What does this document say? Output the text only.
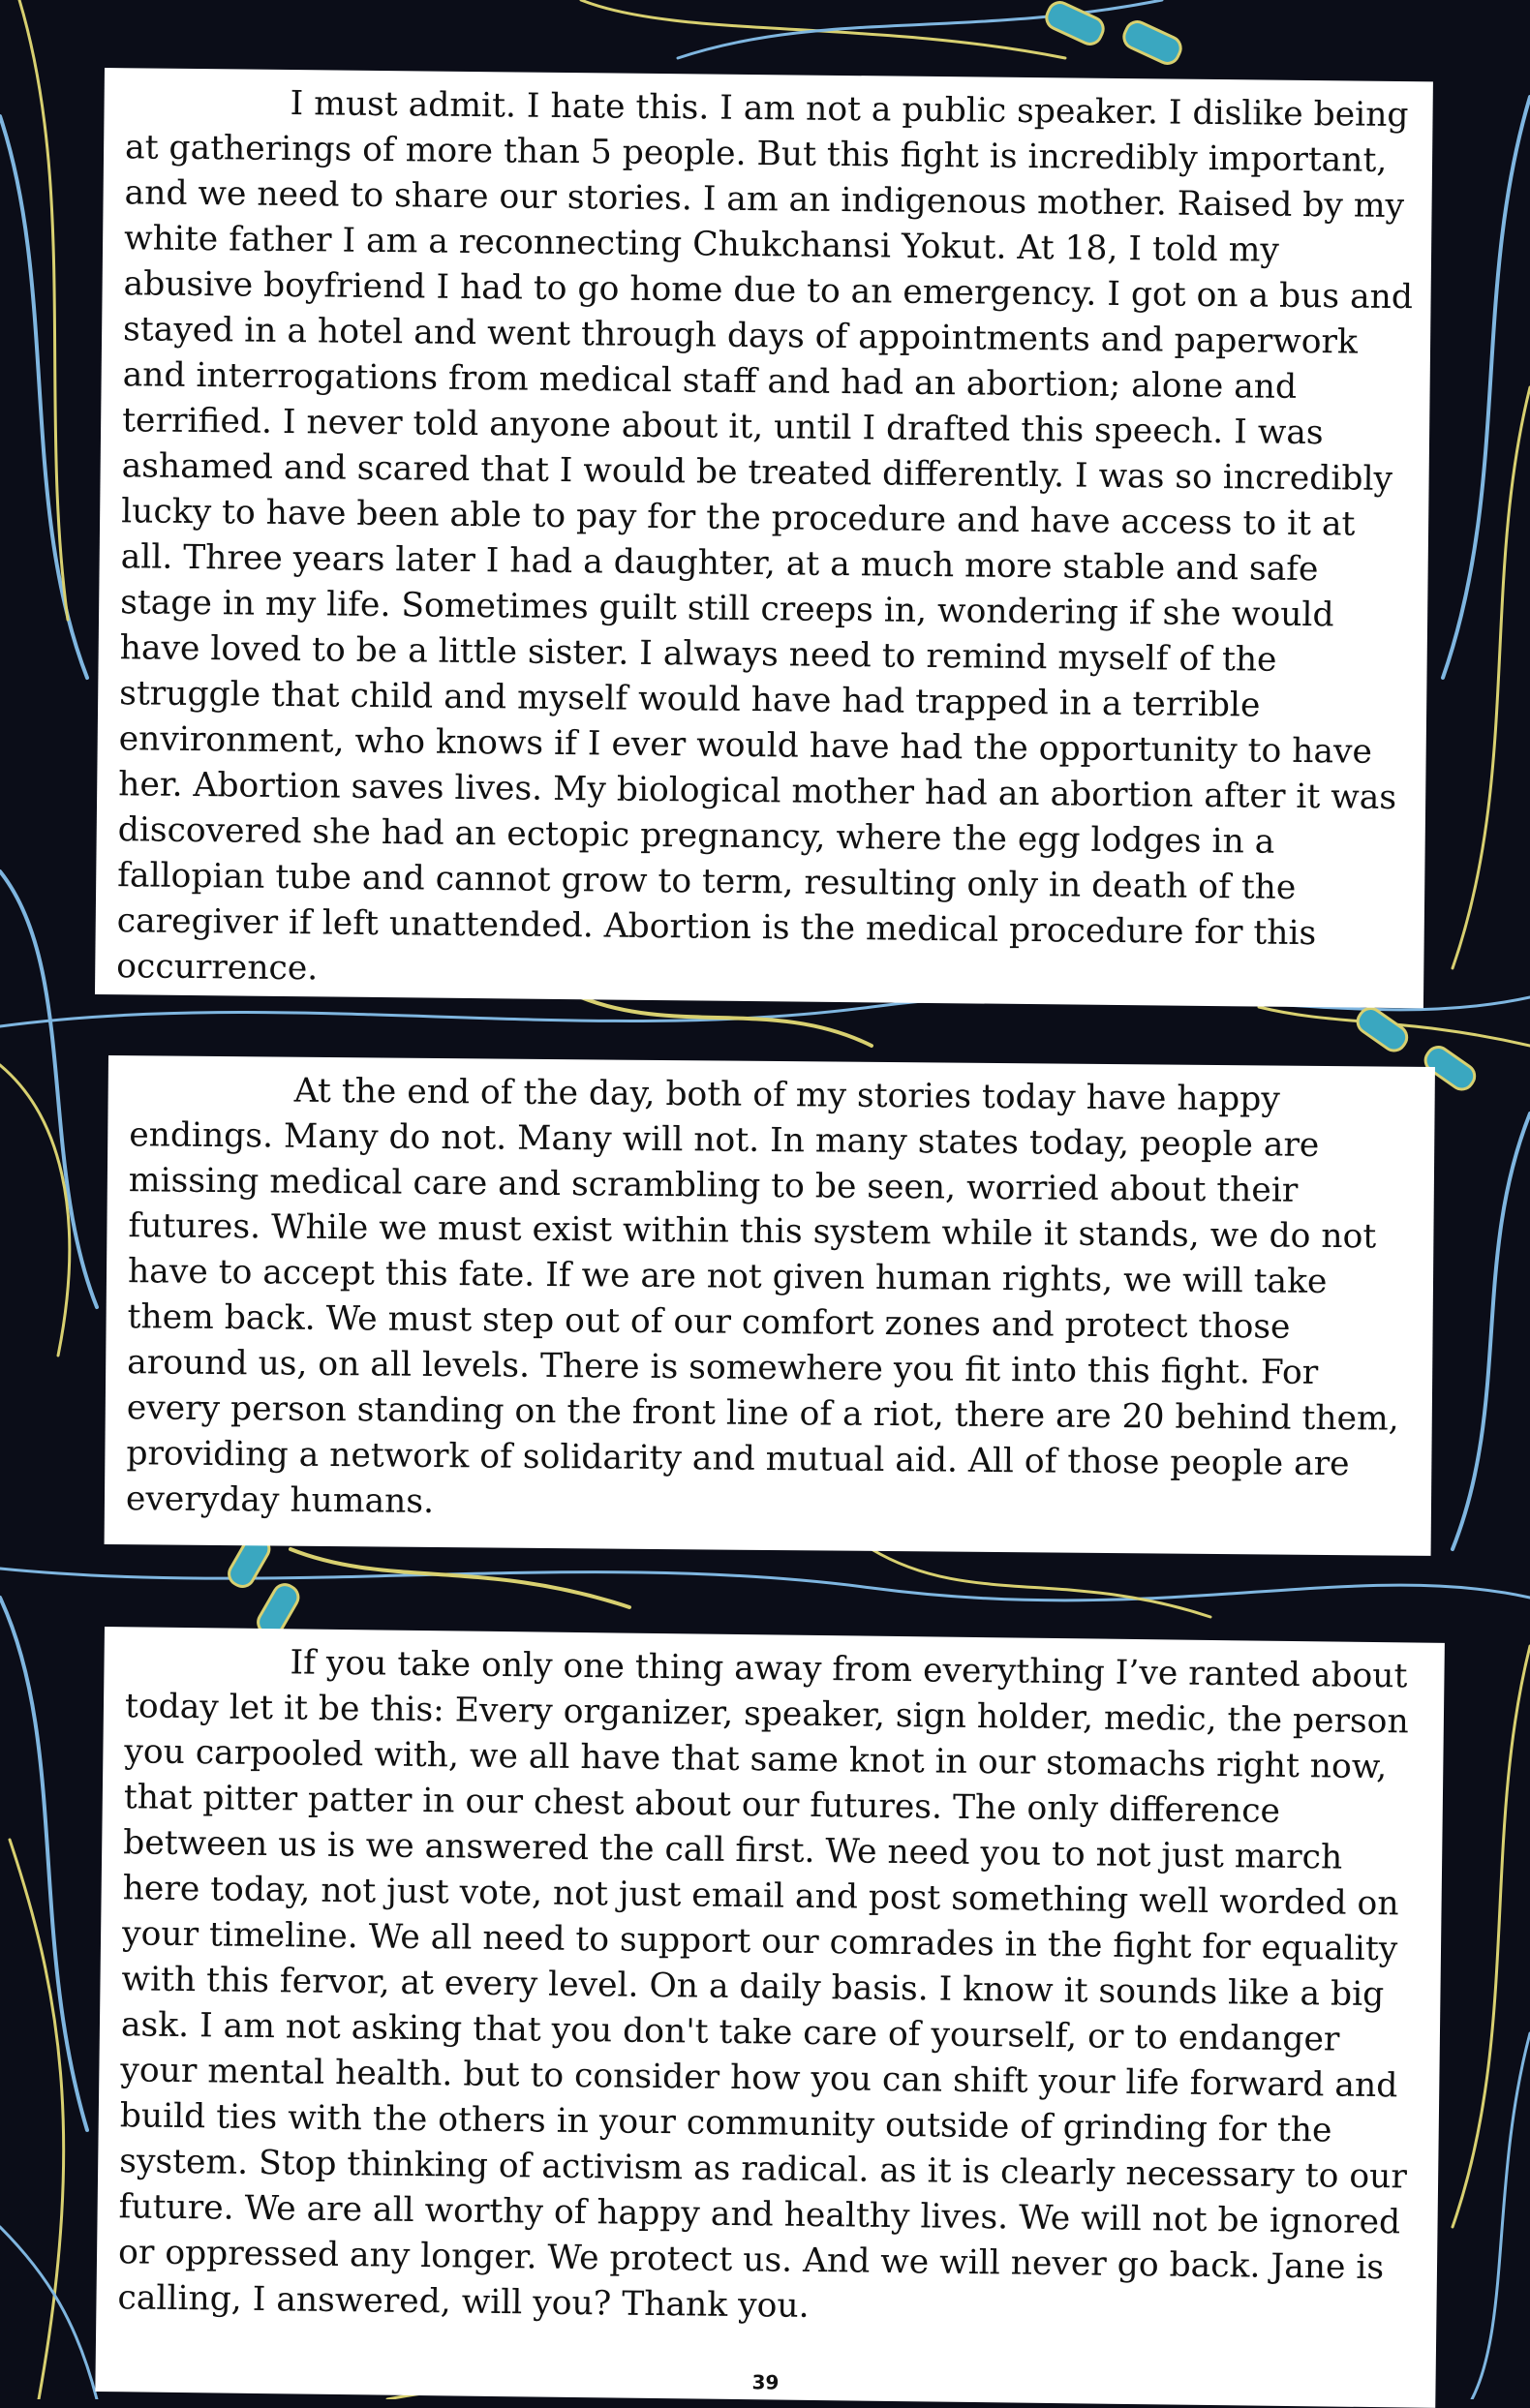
I must admit. I hate this. I am not a public speaker. I dislike being at gatherings of more than 5 people. But this fight is incredibly important, and we need to share our stories. I am an indigenous mother. Raised by my white father I am a reconnecting Chukchansi Yokut. At 18, I told my abusive boyfriend I had to go home due to an emergency. I got on a bus and stayed in a hotel and went through days of appointments and paperwork and interrogations from medical staff and had an abortion; alone and terrified. I never told anyone about it, until I drafted this speech. I was ashamed and scared that I would be treated differently. I was so incredibly lucky to have been able to pay for the procedure and have access to it at all. Three years later I had a daughter, at a much more stable and safe stage in my life. Sometimes guilt still creeps in, wondering if she would have loved to be a little sister. I always need to remind myself of the struggle that child and myself would have had trapped in a terrible environment, who knows if I ever would have had the opportunity to have her. Abortion saves lives. My biological mother had an abortion after it was discovered she had an ectopic pregnancy, where the egg lodges in a fallopian tube and cannot grow to term, resulting only in death of the caregiver if left unattended. Abortion is the medical procedure for this occurrence.

At the end of the day, both of my stories today have happy endings. Many do not. Many will not. In many states today, people are missing medical care and scrambling to be seen, worried about their futures. While we must exist within this system while it stands, we do not have to accept this fate. If we are not given human rights, we will take them back. We must step out of our comfort zones and protect those around us, on all levels. There is somewhere you fit into this fight. For every person standing on the front line of a riot, there are 20 behind them, providing a network of solidarity and mutual aid. All of those people are everyday humans.

If you take only one thing away from everything I’ve ranted about today let it be this: Every organizer, speaker, sign holder, medic, the person you carpooled with, we all have that same knot in our stomachs right now, that pitter patter in our chest about our futures. The only difference between us is we answered the call first. We need you to not just march here today, not just vote, not just email and post something well worded on your timeline. We all need to support our comrades in the fight for equality with this fervor, at every level. On a daily basis. I know it sounds like a big ask. I am not asking that you don't take care of yourself, or to endanger your mental health. but to consider how you can shift your life forward and build ties with the others in your community outside of grinding for the system. Stop thinking of activism as radical. as it is clearly necessary to our future. We are all worthy of happy and healthy lives. We will not be ignored or oppressed any longer. We protect us. And we will never go back. Jane is calling, I answered, will you? Thank you.

39
